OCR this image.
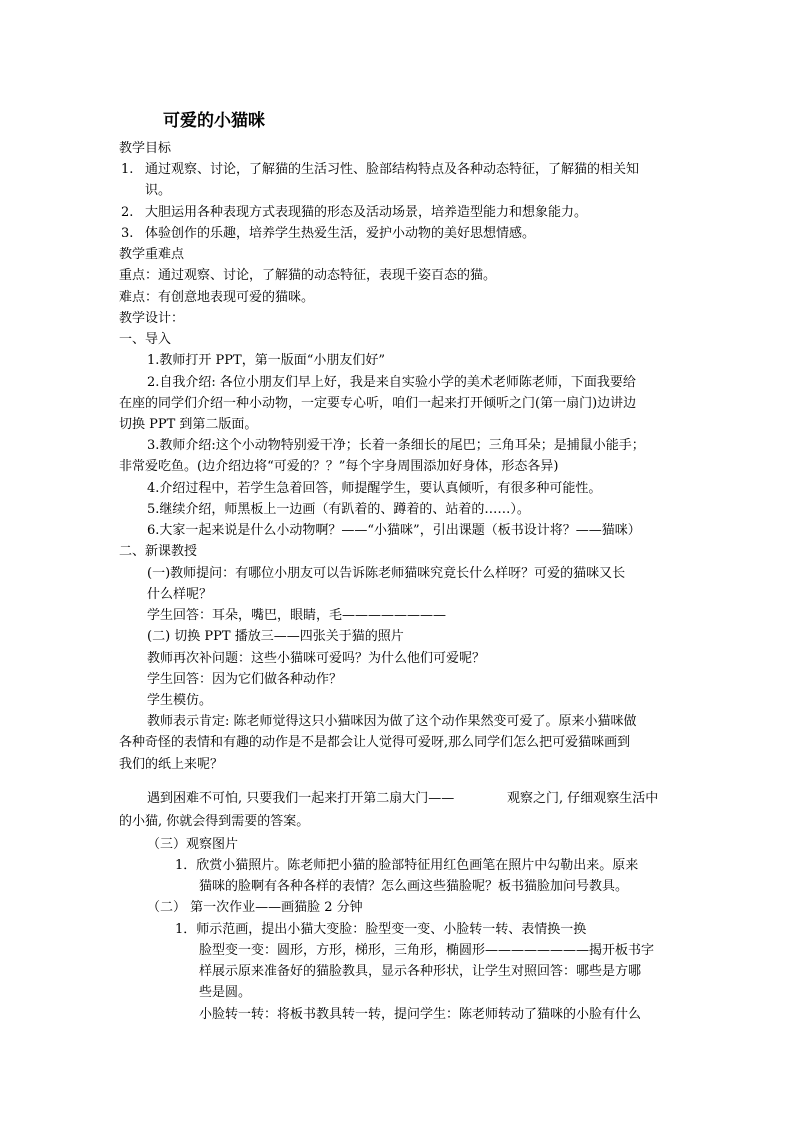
可爱的小猫咪
教学目标
1. 通过观察、讨论，了解猫的生活习性、脸部结构特点及各种动态特征，了解猫的相关知
识。
2. 大胆运用各种表现方式表现猫的形态及活动场景，培养造型能力和想象能力。
3. 体验创作的乐趣，培养学生热爱生活，爱护小动物的美好思想情感。
教学重难点
重点：通过观察、讨论，了解猫的动态特征，表现千姿百态的猫。
难点：有创意地表现可爱的猫咪。
教学设计：
一、导入
1.教师打开 PPT，第一版面“小朋友们好”
2.自我介绍: 各位小朋友们早上好，我是来自实验小学的美术老师陈老师，下面我要给
在座的同学们介绍一种小动物，一定要专心听，咱们一起来打开倾听之门(第一扇门)边讲边
切换 PPT 到第二版面。
3.教师介绍:这个小动物特别爱干净；长着一条细长的尾巴；三角耳朵；是捕鼠小能手；
非常爱吃鱼。(边介绍边将“可爱的？？”每个字身周围添加好身体，形态各异)
4.介绍过程中，若学生急着回答，师提醒学生，要认真倾听，有很多种可能性。
5.继续介绍，师黑板上一边画（有趴着的、蹲着的、站着的……）。
6.大家一起来说是什么小动物啊？——“小猫咪”，引出课题（板书设计将？——猫咪）
二、新课教授
(一)教师提问：有哪位小朋友可以告诉陈老师猫咪究竟长什么样呀？可爱的猫咪又长
什么样呢？
学生回答：耳朵，嘴巴，眼睛，毛————————
(二) 切换 PPT 播放三——四张关于猫的照片
教师再次补问题：这些小猫咪可爱吗？为什么他们可爱呢？
学生回答：因为它们做各种动作？
学生模仿。
教师表示肯定: 陈老师觉得这只小猫咪因为做了这个动作果然变可爱了。原来小猫咪做
各种奇怪的表情和有趣的动作是不是都会让人觉得可爱呀,那么同学们怎么把可爱猫咪画到
我们的纸上来呢？
遇到困难不可怕, 只要我们一起来打开第二扇大门——	观察之门, 仔细观察生活中
的小猫, 你就会得到需要的答案。
（三）观察图片
1．欣赏小猫照片。陈老师把小猫的脸部特征用红色画笔在照片中勾勒出来。原来
猫咪的脸啊有各种各样的表情？怎么画这些猫脸呢？板书猫脸加问号教具。
（二） 第一次作业——画猫脸 2 分钟
1．师示范画，提出小猫大变脸：脸型变一变、小脸转一转、表情换一换
脸型变一变：圆形，方形，梯形，三角形，椭圆形————————揭开板书字
样展示原来准备好的猫脸教具，显示各种形状，让学生对照回答：哪些是方哪
些是圆。
小脸转一转：将板书教具转一转，提问学生：陈老师转动了猫咪的小脸有什么
